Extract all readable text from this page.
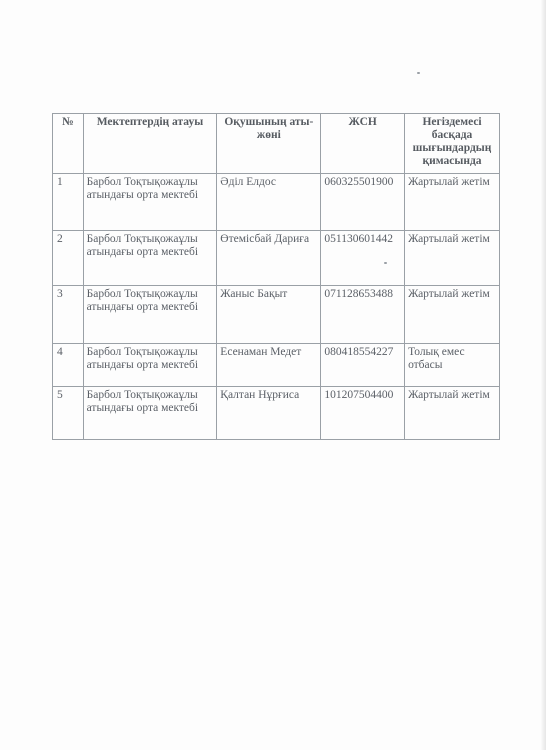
№	Мектептердің атауы	Оқушының аты-жөні	ЖСН	Негіздемесі басқада шығындардың қимасында
1	Барбол Тоқтықожаұлы атындағы орта мектебі	Әділ Елдос	060325501900	Жартылай жетім
2	Барбол Тоқтықожаұлы атындағы орта мектебі	Өтемісбай Дариға	051130601442	Жартылай жетім
3	Барбол Тоқтықожаұлы атындағы орта мектебі	Жаныс Бақыт	071128653488	Жартылай жетім
4	Барбол Тоқтықожаұлы атындағы орта мектебі	Есенаман Медет	080418554227	Толық емес отбасы
5	Барбол Тоқтықожаұлы атындағы орта мектебі	Қалтан Нұрғиса	101207504400	Жартылай жетім
